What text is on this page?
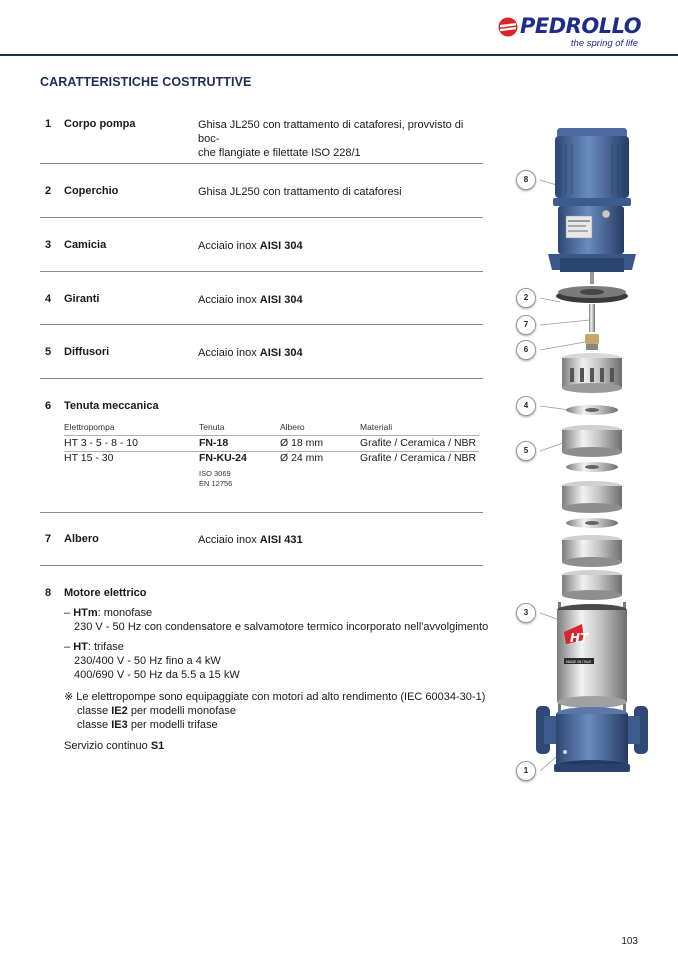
PEDROLLO
the spring of life
CARATTERISTICHE COSTRUTTIVE
1 Corpo pompa	Ghisa JL250 con trattamento di cataforesi, provvisto di boc-
che flangiate e filettate ISO 228/1
2 Coperchio	Ghisa JL250 con trattamento di cataforesi
3 Camicia	Acciaio inox AISI 304
4 Giranti	Acciaio inox AISI 304
5 Diffusori	Acciaio inox AISI 304
6 Tenuta meccanica
Elettropompa	Tenuta	Albero	Materiali
HT 3 - 5 - 8 - 10	FN-18	Ø 18 mm	Grafite / Ceramica / NBR
HT 15 - 30	FN-KU-24	Ø 24 mm	Grafite / Ceramica / NBR
ISO 3069
EN 12756
7 Albero	Acciaio inox AISI 431
8 Motore elettrico
– HTm: monofase
230 V - 50 Hz con condensatore e salvamotore termico incorporato nell'avvolgimento
– HT: trifase
230/400 V - 50 Hz fino a 4 kW
400/690 V - 50 Hz da 5.5 a 15 kW
※ Le elettropompe sono equipaggiate con motori ad alto rendimento (IEC 60034-30-1)
classe IE2 per modelli monofase
classe IE3 per modelli trifase
Servizio continuo S1
HT
MADE IN ITALY
8
2
7
6
4
5
3
1
103
